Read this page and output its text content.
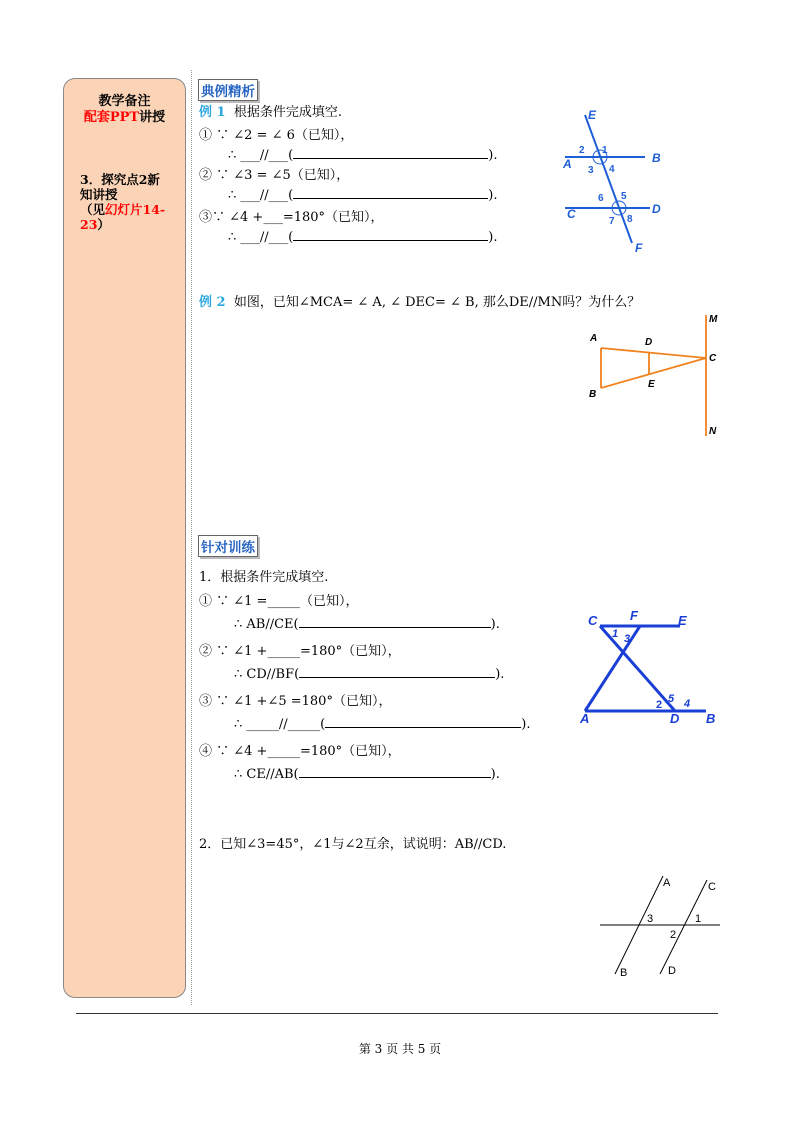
教学备注
配套PPT讲授
3．探究点2新
知讲授
（见幻灯片14-23）
典例精析
例 1 根据条件完成填空.
① ∵ ∠2 = ∠ 6（已知），
∴ ___//___(	).
② ∵ ∠3 = ∠5（已知），
∴ ___//___(	).
③∵ ∠4 +___=180°（已知），
∴ ___//___(	).
E
2 1
A	B
3 4
6 5
C	D
7 8
F
例 2 如图，已知∠MCA= ∠ A, ∠ DEC= ∠ B, 那么DE//MN吗？为什么？
M
A	D
C
E
B
N
针对训练
1．根据条件完成填空.
① ∵ ∠1 =_____（已知），
∴ AB//CE(	).
② ∵ ∠1 +_____=180°（已知），
∴ CD//BF(	).
③ ∵ ∠1 +∠5 =180°（已知），
∴ _____//_____(	).
④ ∵ ∠4 +_____=180°（已知），
∴ CE//AB(	).
C	F	E
1 3
2 5 4
A	D B
2．已知∠3=45°，∠1与∠2互余，试说明：AB//CD.
A	C
3	1
2
B	D
第 3 页 共 5 页
